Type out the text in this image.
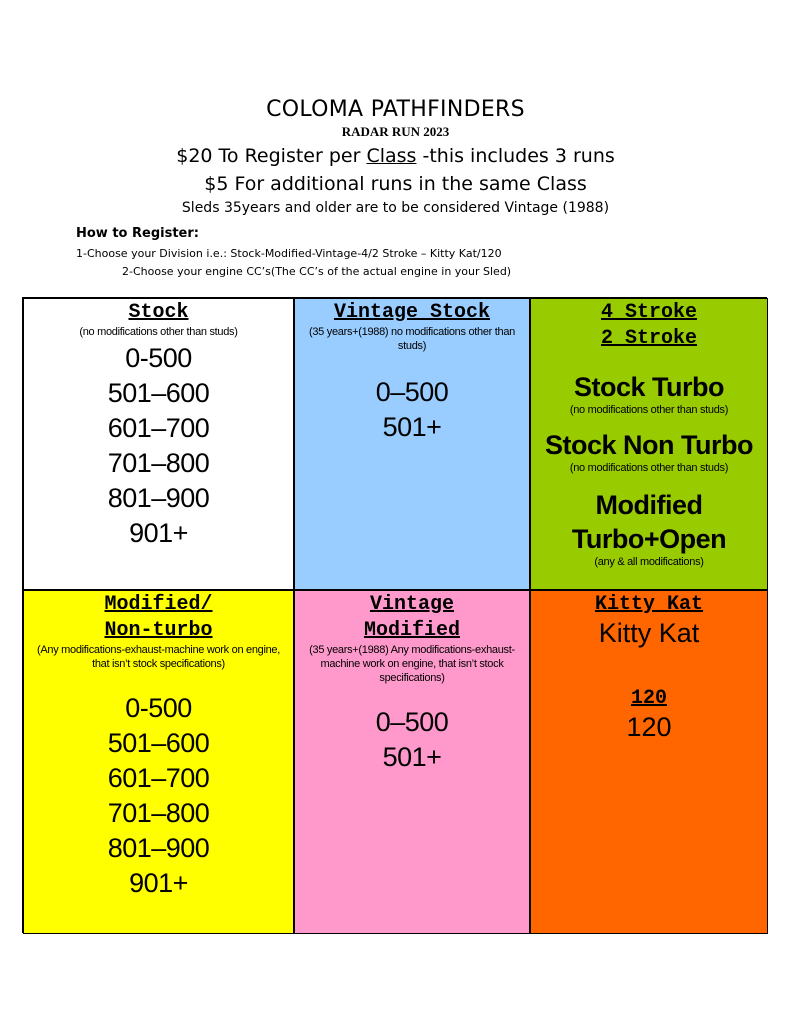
COLOMA PATHFINDERS
RADAR RUN 2023
$20 To Register per Class -this includes 3 runs
$5 For additional runs in the same Class
Sleds 35years and older are to be considered Vintage (1988)
How to Register:
1-Choose your Division i.e.: Stock-Modified-Vintage-4/2 Stroke – Kitty Kat/120
2-Choose your engine CC’s(The CC’s of the actual engine in your Sled)
Stock
(no modifications other than studs)
0-500
501–600
601–700
701–800
801–900
901+
Vintage Stock
(35 years+(1988) no modifications other than studs)
0–500
501+
4 Stroke
2 Stroke
Stock Turbo
(no modifications other than studs)
Stock Non Turbo
(no modifications other than studs)
Modified
Turbo+Open
(any & all modifications)
Modified/
Non-turbo
(Any modifications-exhaust-machine work on engine, that isn’t stock specifications)
0-500
501–600
601–700
701–800
801–900
901+
Vintage
Modified
(35 years+(1988) Any modifications-exhaust-machine work on engine, that isn’t stock specifications)
0–500
501+
Kitty Kat
Kitty Kat
120
120
